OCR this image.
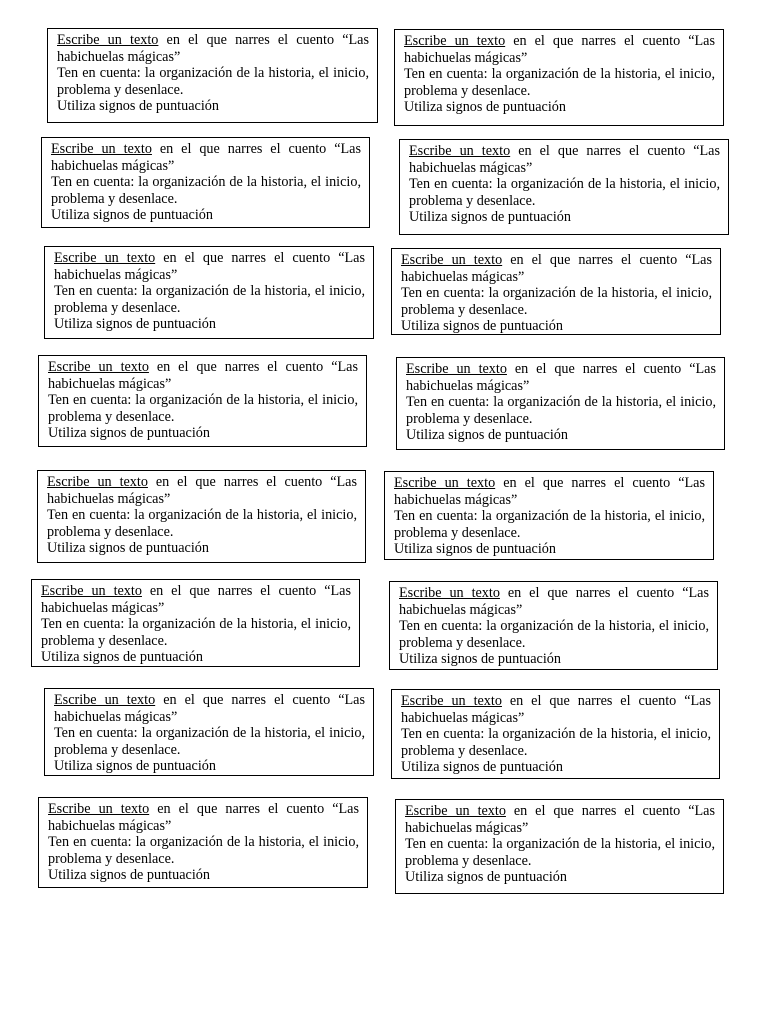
Escribe un texto en el que narres el cuento “Las habichuelas mágicas”

Ten en cuenta: la organización de la historia, el inicio, problema y desenlace.

Utiliza signos de puntuación

Escribe un texto en el que narres el cuento “Las habichuelas mágicas”

Ten en cuenta: la organización de la historia, el inicio, problema y desenlace.

Utiliza signos de puntuación

Escribe un texto en el que narres el cuento “Las habichuelas mágicas”

Ten en cuenta: la organización de la historia, el inicio, problema y desenlace.

Utiliza signos de puntuación

Escribe un texto en el que narres el cuento “Las habichuelas mágicas”

Ten en cuenta: la organización de la historia, el inicio, problema y desenlace.

Utiliza signos de puntuación

Escribe un texto en el que narres el cuento “Las habichuelas mágicas”

Ten en cuenta: la organización de la historia, el inicio, problema y desenlace.

Utiliza signos de puntuación

Escribe un texto en el que narres el cuento “Las habichuelas mágicas”

Ten en cuenta: la organización de la historia, el inicio, problema y desenlace.

Utiliza signos de puntuación

Escribe un texto en el que narres el cuento “Las habichuelas mágicas”

Ten en cuenta: la organización de la historia, el inicio, problema y desenlace.

Utiliza signos de puntuación

Escribe un texto en el que narres el cuento “Las habichuelas mágicas”

Ten en cuenta: la organización de la historia, el inicio, problema y desenlace.

Utiliza signos de puntuación

Escribe un texto en el que narres el cuento “Las habichuelas mágicas”

Ten en cuenta: la organización de la historia, el inicio, problema y desenlace.

Utiliza signos de puntuación

Escribe un texto en el que narres el cuento “Las habichuelas mágicas”

Ten en cuenta: la organización de la historia, el inicio, problema y desenlace.

Utiliza signos de puntuación

Escribe un texto en el que narres el cuento “Las habichuelas mágicas”

Ten en cuenta: la organización de la historia, el inicio, problema y desenlace.

Utiliza signos de puntuación

Escribe un texto en el que narres el cuento “Las habichuelas mágicas”

Ten en cuenta: la organización de la historia, el inicio, problema y desenlace.

Utiliza signos de puntuación

Escribe un texto en el que narres el cuento “Las habichuelas mágicas”

Ten en cuenta: la organización de la historia, el inicio, problema y desenlace.

Utiliza signos de puntuación

Escribe un texto en el que narres el cuento “Las habichuelas mágicas”

Ten en cuenta: la organización de la historia, el inicio, problema y desenlace.

Utiliza signos de puntuación

Escribe un texto en el que narres el cuento “Las habichuelas mágicas”

Ten en cuenta: la organización de la historia, el inicio, problema y desenlace.

Utiliza signos de puntuación

Escribe un texto en el que narres el cuento “Las habichuelas mágicas”

Ten en cuenta: la organización de la historia, el inicio, problema y desenlace.

Utiliza signos de puntuación
